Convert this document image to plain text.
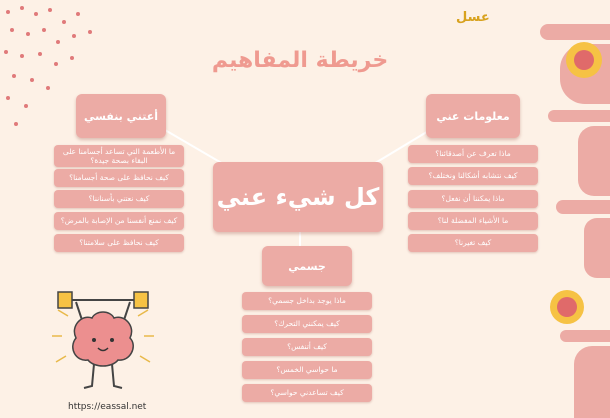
عسل
خريطة المفاهيم
كل شيء عني
أعتني بنفسي
ما الأطعمة التي تساعد أجسامنا على البقاء بصحة جيدة؟
كيف نحافظ على صحة أجسامنا؟
كيف نعتني بأسناننا؟
كيف نمنع أنفسنا من الإصابة بالمرض؟
كيف نحافظ على سلامتنا؟
معلومات عني
ماذا تعرف عن أصدقائنا؟
كيف نتشابه أشكالنا ونختلف؟
ماذا يمكننا أن نفعل؟
ما الأشياء المفضلة لنا؟
كيف تغيرنا؟
جسمي
ماذا يوجد بداخل جسمي؟
كيف يمكنني التحرك؟
كيف أتنفس؟
ما حواسي الخمس؟
كيف تساعدني حواسي؟
https://eassal.net
